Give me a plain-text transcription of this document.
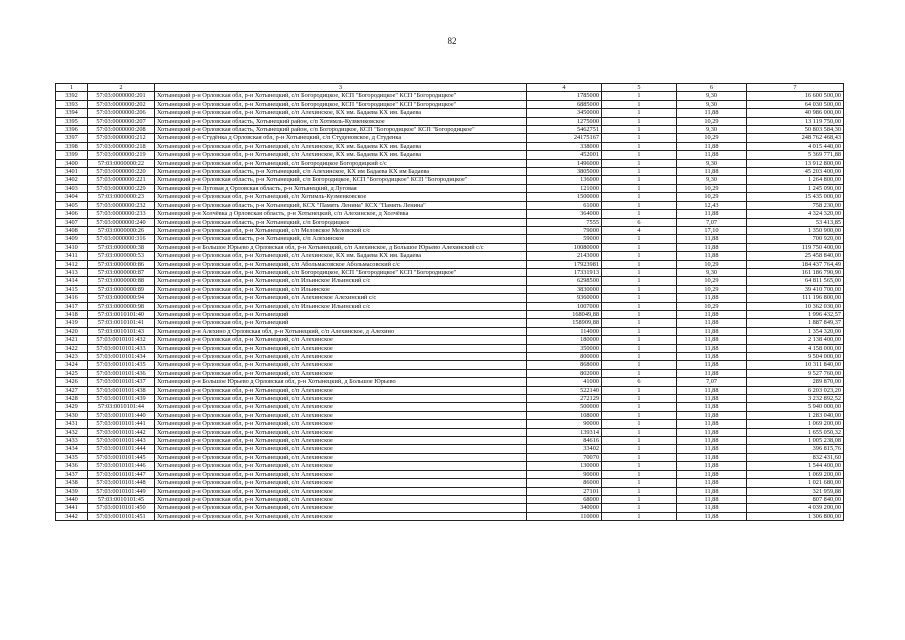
82
1	2	3	4	5	6	7
3392	57:03:0000000:201	Хотынецкий р-н Орловская обл, р-н Хотынецкий, с/п Богородицкое, КСП "Богородицкое" КСП "Богородицкое"	1785000	1	9,30	16 600 500,00
3393	57:03:0000000:202	Хотынецкий р-н Орловская обл, р-н Хотынецкий, с/п Богородицкое, КСП "Богородицкое" КСП "Богородицкое"	6885000	1	9,30	64 030 500,00
3394	57:03:0000000:206	Хотынецкий р-н Орловская обл, р-н Хотынецкий, с/п Алехинское, КХ им. Бадаева КХ им. Бадаева	3450000	1	11,88	40 986 000,00
3395	57:03:0000000:207	Хотынецкий р-н Орловская область, Хотынецкий район, с/п Хотимль-Кузменковское	1275000	1	10,29	13 119 750,00
3396	57:03:0000000:208	Хотынецкий р-н Орловская область, Хотынецкий район, с/п Богородицкое, КСП "Богородицкое" КСП "Богородицкое"	5462751	1	9,30	50 803 584,30
3397	57:03:0000000:212	Хотынецкий р-н Студёнка д Орловская обл, р-н Хотынецкий, с/п Студеновское, д Студенка	24175167	1	10,29	248 762 468,43
3398	57:03:0000000:218	Хотынецкий р-н Орловская обл, р-н Хотынецкий, с/п Алехинское, КХ им. Бадаева КХ им. Бадаева	338000	1	11,88	4 015 440,00
3399	57:03:0000000:219	Хотынецкий р-н Орловская обл, р-н Хотынецкий, с/п Алехинское, КХ им. Бадаева КХ им. Бадаева	452001	1	11,88	5 369 771,88
3400	57:03:0000000:22	Хотынецкий р-н Орловская обл, р-н Хотынецкий, с/п Богородицкое Богородицкий с/с	1496000	1	9,30	13 912 800,00
3401	57:03:0000000:220	Хотынецкий р-н Орловская область, р-н Хотынецкий, с/п Алехинское, КХ им Бадаева КХ им Бадаева	3805000	1	11,88	45 203 400,00
3402	57:03:0000000:221	Хотынецкий р-н Орловская область, р-н Хотынецкий, с/п Богородицкое, КСП "Богородицкое" КСП "Богородицкое"	136000	1	9,30	1 264 800,00
3403	57:03:0000000:229	Хотынецкий р-н Луговая д Орловская область, р-н Хотынецкий, д Луговая	121000	1	10,29	1 245 090,00
3404	57:03:0000000:23	Хотынецкий р-н Орловская обл, р-н Хотынецкий, с/п Хотимль-Кузменковское	1500000	1	10,29	15 435 000,00
3405	57:03:0000000:232	Хотынецкий р-н Орловская область, р-н Хотынецкий, КСХ "Память Ленина" КСХ "Память Ленина"	61000	1	12,43	758 230,00
3406	57:03:0000000:233	Хотынецкий р-н Холчёвка д Орловская область, р-н Хотынецкий, с/п Алехинское, д Холчёвка	364000	1	11,88	4 324 320,00
3407	57:03:0000000:240	Хотынецкий р-н Орловская область, р-н Хотынецкий, с/п Богородицкое	7555	6	7,07	53 413,85
3408	57:03:0000000:26	Хотынецкий р-н Орловская обл, р-н Хотынецкий, с/п Меловское Меловской с/с	79000	4	17,10	1 350 900,00
3409	57:03:0000000:316	Хотынецкий р-н Орловская область, р-н Хотынецкий, с/п Алехинское	59000	1	11,88	700 920,00
3410	57:03:0000000:38	Хотынецкий р-н Большое Юрьево д Орловская обл, р-н Хотынецкий, с/п Алехинское, д Большое Юрьево Алехинский с/с	10080000	1	11,88	119 750 400,00
3411	57:03:0000000:53	Хотынецкий р-н Орловская обл, р-н Хотынецкий, с/п Алехинское, КХ им. Бадаева КХ им. Бадаева	2143000	1	11,88	25 458 840,00
3412	57:03:0000000:86	Хотынецкий р-н Орловская обл, р-н Хотынецкий, с/п Абольмасовское Абольмасовский с/с	17923981	1	10,29	184 437 764,49
3413	57:03:0000000:87	Хотынецкий р-н Орловская обл, р-н Хотынецкий, с/п Богородицкое, КСП "Богородицкое" КСП "Богородицкое"	17331913	1	9,30	161 186 790,90
3414	57:03:0000000:88	Хотынецкий р-н Орловская обл, р-н Хотынецкий, с/п Ильинское Ильинский с/с	6298500	1	10,29	64 811 565,00
3415	57:03:0000000:89	Хотынецкий р-н Орловская обл, р-н Хотынецкий, с/п Ильинское	3830000	1	10,29	39 410 700,00
3416	57:03:0000000:94	Хотынецкий р-н Орловская обл, р-н Хотынецкий, с/п Алехинское Алехинский с/с	9360000	1	11,88	111 196 800,00
3417	57:03:0000000:98	Хотынецкий р-н Орловская обл, р-н Хотынецкий, с/п Ильинское Ильинский с/с	1007000	1	10,29	10 362 030,00
3418	57:03:0010101:40	Хотынецкий р-н Орловская обл, р-н Хотынецкий	168049,88	1	11,88	1 996 432,57
3419	57:03:0010101:41	Хотынецкий р-н Орловская обл, р-н Хотынецкий	158909,88	1	11,88	1 887 849,37
3420	57:03:0010101:43	Хотынецкий р-н Алехино д Орловская обл, р-н Хотынецкий, с/п Алехинское, д Алехино	114000	1	11,88	1 354 320,00
3421	57:03:0010101:432	Хотынецкий р-н Орловская обл, р-н Хотынецкий, с/п Алехинское	180000	1	11,88	2 138 400,00
3422	57:03:0010101:433	Хотынецкий р-н Орловская обл, р-н Хотынецкий, с/п Алехинское	350000	1	11,88	4 158 000,00
3423	57:03:0010101:434	Хотынецкий р-н Орловская обл, р-н Хотынецкий, с/п Алехинское	800000	1	11,88	9 504 000,00
3424	57:03:0010101:435	Хотынецкий р-н Орловская обл, р-н Хотынецкий, с/п Алехинское	868000	1	11,88	10 311 840,00
3425	57:03:0010101:436	Хотынецкий р-н Орловская обл, р-н Хотынецкий, с/п Алехинское	802000	1	11,88	9 527 760,00
3426	57:03:0010101:437	Хотынецкий р-н Большое Юрьево д Орловская обл, р-н Хотынецкий, д Большое Юрьево	41000	6	7,07	289 870,00
3427	57:03:0010101:438	Хотынецкий р-н Орловская обл, р-н Хотынецкий, с/п Алехинское	522140	1	11,88	6 203 023,20
3428	57:03:0010101:439	Хотынецкий р-н Орловская обл, р-н Хотынецкий, с/п Алехинское	272129	1	11,88	3 232 892,52
3429	57:03:0010101:44	Хотынецкий р-н Орловская обл, р-н Хотынецкий, с/п Алехинское	500000	1	11,88	5 940 000,00
3430	57:03:0010101:440	Хотынецкий р-н Орловская обл, р-н Хотынецкий, с/п Алехинское	108000	1	11,88	1 283 040,00
3431	57:03:0010101:441	Хотынецкий р-н Орловская обл, р-н Хотынецкий, с/п Алехинское	90000	1	11,88	1 069 200,00
3432	57:03:0010101:442	Хотынецкий р-н Орловская обл, р-н Хотынецкий, с/п Алехинское	139314	1	11,88	1 655 050,32
3433	57:03:0010101:443	Хотынецкий р-н Орловская обл, р-н Хотынецкий, с/п Алехинское	84616	1	11,88	1 005 238,08
3434	57:03:0010101:444	Хотынецкий р-н Орловская обл, р-н Хотынецкий, с/п Алехинское	33402	1	11,88	396 815,76
3435	57:03:0010101:445	Хотынецкий р-н Орловская обл, р-н Хотынецкий, с/п Алехинское	70070	1	11,88	832 431,60
3436	57:03:0010101:446	Хотынецкий р-н Орловская обл, р-н Хотынецкий, с/п Алехинское	130000	1	11,88	1 544 400,00
3437	57:03:0010101:447	Хотынецкий р-н Орловская обл, р-н Хотынецкий, с/п Алехинское	90000	1	11,88	1 069 200,00
3438	57:03:0010101:448	Хотынецкий р-н Орловская обл, р-н Хотынецкий, с/п Алехинское	86000	1	11,88	1 021 680,00
3439	57:03:0010101:449	Хотынецкий р-н Орловская обл, р-н Хотынецкий, с/п Алехинское	27101	1	11,88	321 959,88
3440	57:03:0010101:45	Хотынецкий р-н Орловская обл, р-н Хотынецкий, с/п Алехинское	68000	1	11,88	807 840,00
3441	57:03:0010101:450	Хотынецкий р-н Орловская обл, р-н Хотынецкий, с/п Алехинское	340000	1	11,88	4 039 200,00
3442	57:03:0010101:451	Хотынецкий р-н Орловская обл, р-н Хотынецкий, с/п Алехинское	110000	1	11,88	1 306 800,00
